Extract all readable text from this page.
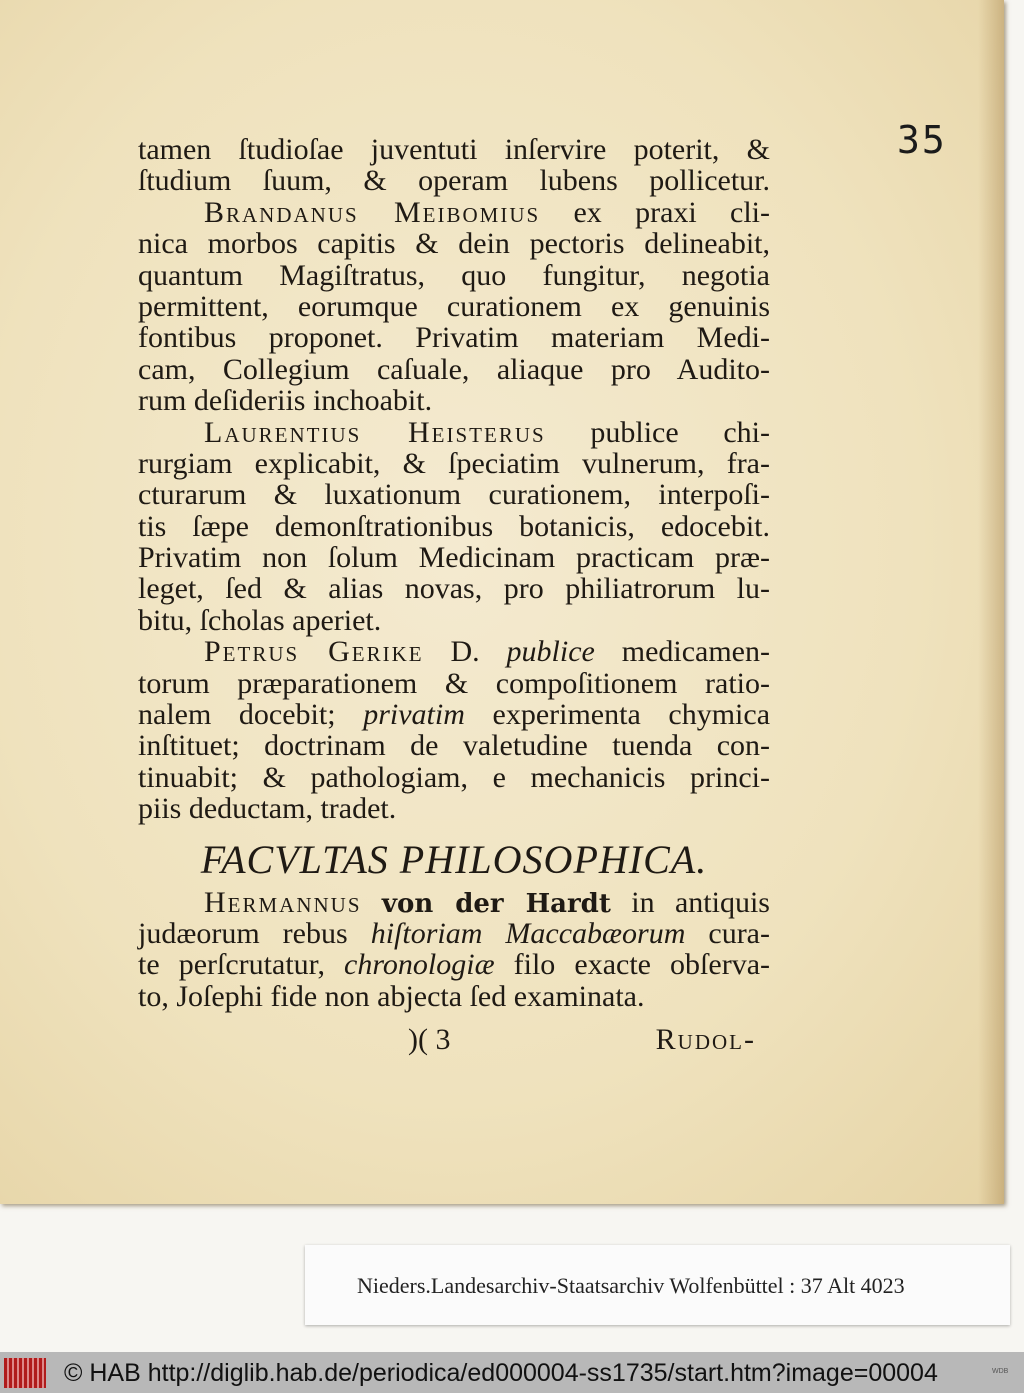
35
tamen ſtudioſae juventuti inſervire poterit, &
ſtudium ſuum, & operam lubens pollicetur.
Brandanus Meibomius ex praxi cli-
nica morbos capitis & dein pectoris delineabit,
quantum Magiſtratus, quo fungitur, negotia
permittent, eorumque curationem ex genuinis
fontibus proponet. Privatim materiam Medi-
cam, Collegium caſuale, aliaque pro Audito-
rum deſideriis inchoabit.
Laurentius Heisterus publice chi-
rurgiam explicabit, & ſpeciatim vulnerum, fra-
cturarum & luxationum curationem, interpoſi-
tis ſæpe demonſtrationibus botanicis, edocebit.
Privatim non ſolum Medicinam practicam præ-
leget, ſed & alias novas, pro philiatrorum lu-
bitu, ſcholas aperiet.
Petrus Gerike D. publice medicamen-
torum præparationem & compoſitionem ratio-
nalem docebit; privatim experimenta chymica
inſtituet; doctrinam de valetudine tuenda con-
tinuabit; & pathologiam, e mechanicis princi-
piis deductam, tradet.
FACVLTAS PHILOSOPHICA.
Hermannus von der Hardt in antiquis
judæorum rebus hiſtoriam Maccabæorum cura-
te perſcrutatur, chronologiæ filo exacte obſerva-
to, Joſephi fide non abjecta ſed examinata.
)( 3	Rudol-
Nieders.Landesarchiv-Staatsarchiv Wolfenbüttel : 37 Alt 4023
© HAB http://diglib.hab.de/periodica/ed000004-ss1735/start.htm?image=00004	WDB
